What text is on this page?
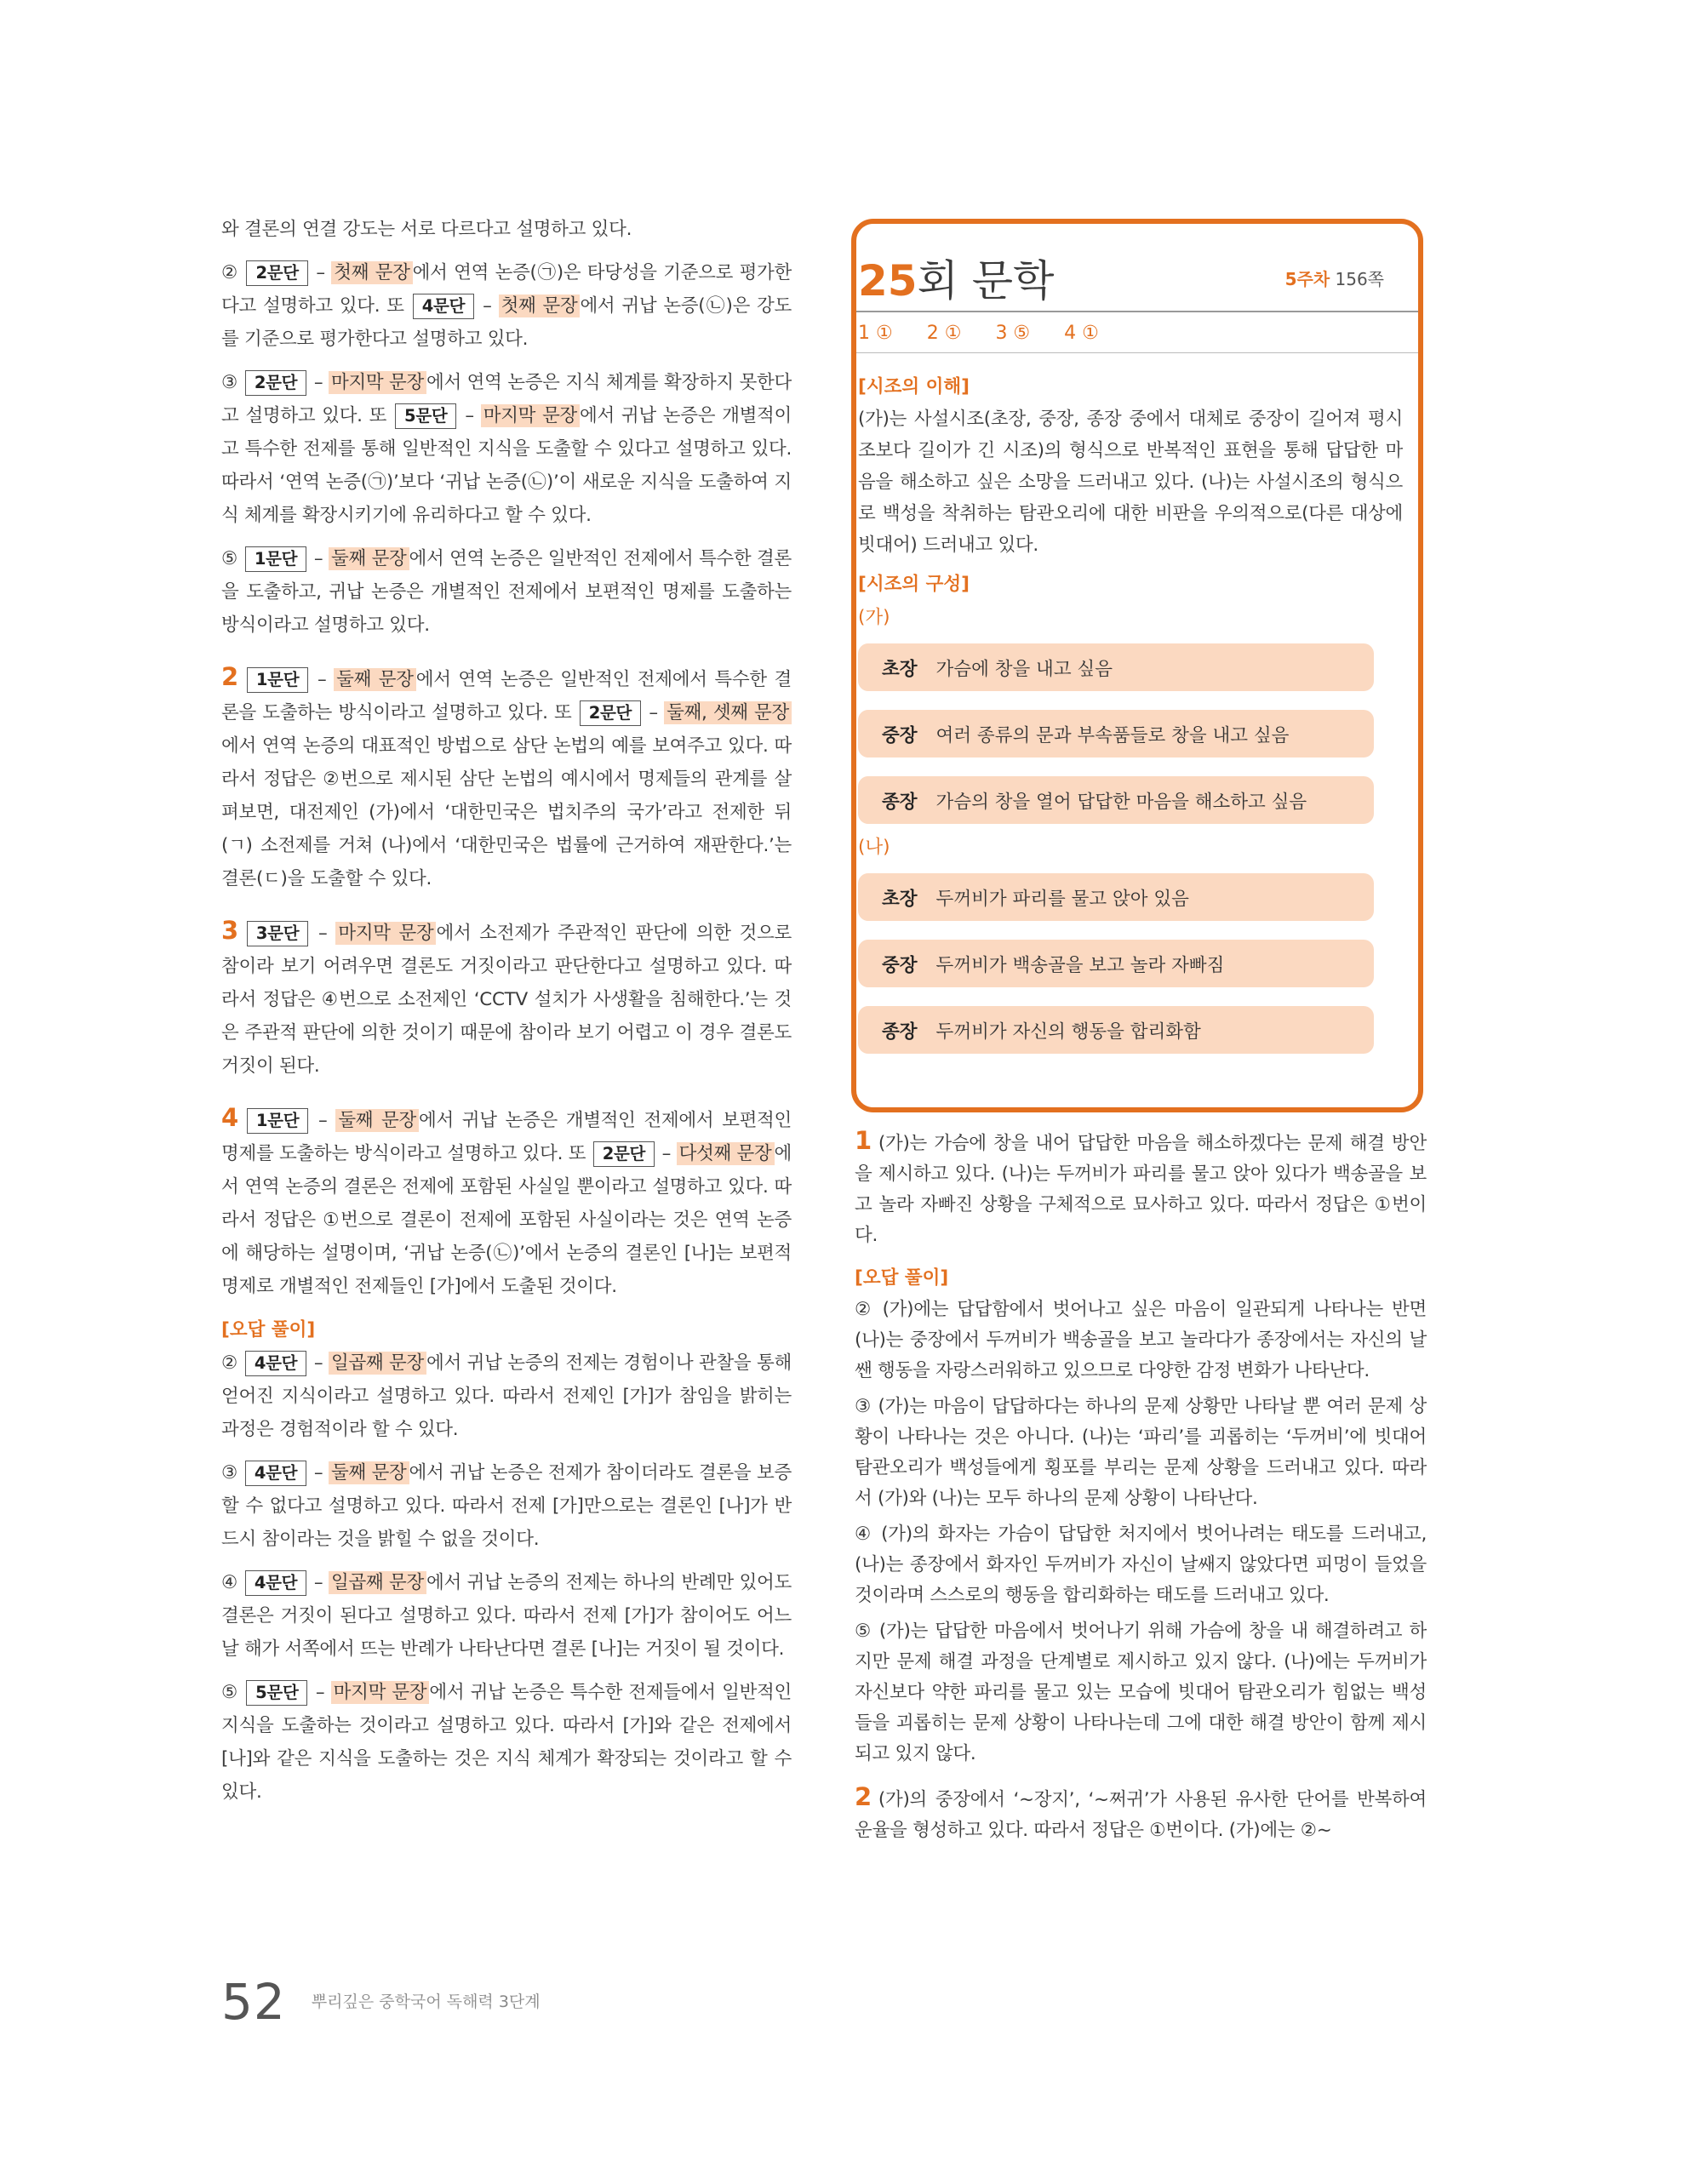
와 결론의 연결 강도는 서로 다르다고 설명하고 있다.

② 2문단 – 첫째 문장 에서 연역 논증(㉠)은 타당성을 기준으로 평가한다고 설명하고 있다. 또 4문단 – 첫째 문장 에서 귀납 논증(㉡)은 강도를 기준으로 평가한다고 설명하고 있다.

③ 2문단 – 마지막 문장 에서 연역 논증은 지식 체계를 확장하지 못한다고 설명하고 있다. 또 5문단 – 마지막 문장 에서 귀납 논증은 개별적이고 특수한 전제를 통해 일반적인 지식을 도출할 수 있다고 설명하고 있다. 따라서 ‘연역 논증(㉠)’보다 ‘귀납 논증(㉡)’이 새로운 지식을 도출하여 지식 체계를 확장시키기에 유리하다고 할 수 있다.

⑤ 1문단 – 둘째 문장 에서 연역 논증은 일반적인 전제에서 특수한 결론을 도출하고, 귀납 논증은 개별적인 전제에서 보편적인 명제를 도출하는 방식이라고 설명하고 있다.

2 1문단 – 둘째 문장 에서 연역 논증은 일반적인 전제에서 특수한 결론을 도출하는 방식이라고 설명하고 있다. 또 2문단 – 둘째, 셋째 문장에서 연역 논증의 대표적인 방법으로 삼단 논법의 예를 보여주고 있다. 따라서 정답은 ②번으로 제시된 삼단 논법의 예시에서 명제들의 관계를 살펴보면, 대전제인 (가)에서 ‘대한민국은 법치주의 국가’라고 전제한 뒤(ㄱ) 소전제를 거쳐 (나)에서 ‘대한민국은 법률에 근거하여 재판한다.’는 결론(ㄷ)을 도출할 수 있다.

3 3문단 – 마지막 문장 에서 소전제가 주관적인 판단에 의한 것으로 참이라 보기 어려우면 결론도 거짓이라고 판단한다고 설명하고 있다. 따라서 정답은 ④번으로 소전제인 ‘CCTV 설치가 사생활을 침해한다.’는 것은 주관적 판단에 의한 것이기 때문에 참이라 보기 어렵고 이 경우 결론도 거짓이 된다.

4 1문단 – 둘째 문장 에서 귀납 논증은 개별적인 전제에서 보편적인 명제를 도출하는 방식이라고 설명하고 있다. 또 2문단 – 다섯째 문장 에서 연역 논증의 결론은 전제에 포함된 사실일 뿐이라고 설명하고 있다. 따라서 정답은 ①번으로 결론이 전제에 포함된 사실이라는 것은 연역 논증에 해당하는 설명이며, ‘귀납 논증(㉡)’에서 논증의 결론인 [나]는 보편적 명제로 개별적인 전제들인 [가]에서 도출된 것이다.

[오답 풀이]

② 4문단 – 일곱째 문장 에서 귀납 논증의 전제는 경험이나 관찰을 통해 얻어진 지식이라고 설명하고 있다. 따라서 전제인 [가]가 참임을 밝히는 과정은 경험적이라 할 수 있다.

③ 4문단 – 둘째 문장 에서 귀납 논증은 전제가 참이더라도 결론을 보증할 수 없다고 설명하고 있다. 따라서 전제 [가]만으로는 결론인 [나]가 반드시 참이라는 것을 밝힐 수 없을 것이다.

④ 4문단 – 일곱째 문장 에서 귀납 논증의 전제는 하나의 반례만 있어도 결론은 거짓이 된다고 설명하고 있다. 따라서 전제 [가]가 참이어도 어느 날 해가 서쪽에서 뜨는 반례가 나타난다면 결론 [나]는 거짓이 될 것이다.

⑤ 5문단 – 마지막 문장 에서 귀납 논증은 특수한 전제들에서 일반적인 지식을 도출하는 것이라고 설명하고 있다. 따라서 [가]와 같은 전제에서 [나]와 같은 지식을 도출하는 것은 지식 체계가 확장되는 것이라고 할 수 있다.

25회 문학	5주차 156쪽
1 ① 2 ① 3 ⑤ 4 ①
[시조의 이해]

(가)는 사설시조(초장, 중장, 종장 중에서 대체로 중장이 길어져 평시조보다 길이가 긴 시조)의 형식으로 반복적인 표현을 통해 답답한 마음을 해소하고 싶은 소망을 드러내고 있다. (나)는 사설시조의 형식으로 백성을 착취하는 탐관오리에 대한 비판을 우의적으로(다른 대상에 빗대어) 드러내고 있다.

[시조의 구성]
(가)
초장 가슴에 창을 내고 싶음
중장 여러 종류의 문과 부속품들로 창을 내고 싶음
종장 가슴의 창을 열어 답답한 마음을 해소하고 싶음
(나)
초장 두꺼비가 파리를 물고 앉아 있음
중장 두꺼비가 백송골을 보고 놀라 자빠짐
종장 두꺼비가 자신의 행동을 합리화함

1 (가)는 가슴에 창을 내어 답답한 마음을 해소하겠다는 문제 해결 방안을 제시하고 있다. (나)는 두꺼비가 파리를 물고 앉아 있다가 백송골을 보고 놀라 자빠진 상황을 구체적으로 묘사하고 있다. 따라서 정답은 ①번이다.

[오답 풀이]

② (가)에는 답답함에서 벗어나고 싶은 마음이 일관되게 나타나는 반면 (나)는 중장에서 두꺼비가 백송골을 보고 놀라다가 종장에서는 자신의 날쌘 행동을 자랑스러워하고 있으므로 다양한 감정 변화가 나타난다.

③ (가)는 마음이 답답하다는 하나의 문제 상황만 나타날 뿐 여러 문제 상황이 나타나는 것은 아니다. (나)는 ‘파리’를 괴롭히는 ‘두꺼비’에 빗대어 탐관오리가 백성들에게 횡포를 부리는 문제 상황을 드러내고 있다. 따라서 (가)와 (나)는 모두 하나의 문제 상황이 나타난다.

④ (가)의 화자는 가슴이 답답한 처지에서 벗어나려는 태도를 드러내고, (나)는 종장에서 화자인 두꺼비가 자신이 날쌔지 않았다면 피멍이 들었을 것이라며 스스로의 행동을 합리화하는 태도를 드러내고 있다.

⑤ (가)는 답답한 마음에서 벗어나기 위해 가슴에 창을 내 해결하려고 하지만 문제 해결 과정을 단계별로 제시하고 있지 않다. (나)에는 두꺼비가 자신보다 약한 파리를 물고 있는 모습에 빗대어 탐관오리가 힘없는 백성들을 괴롭히는 문제 상황이 나타나는데 그에 대한 해결 방안이 함께 제시되고 있지 않다.

2 (가)의 중장에서 ‘~장지’, ‘~쩌귀’가 사용된 유사한 단어를 반복하여 운율을 형성하고 있다. 따라서 정답은 ①번이다. (가)에는 ②~

52 뿌리깊은 중학국어 독해력 3단계
